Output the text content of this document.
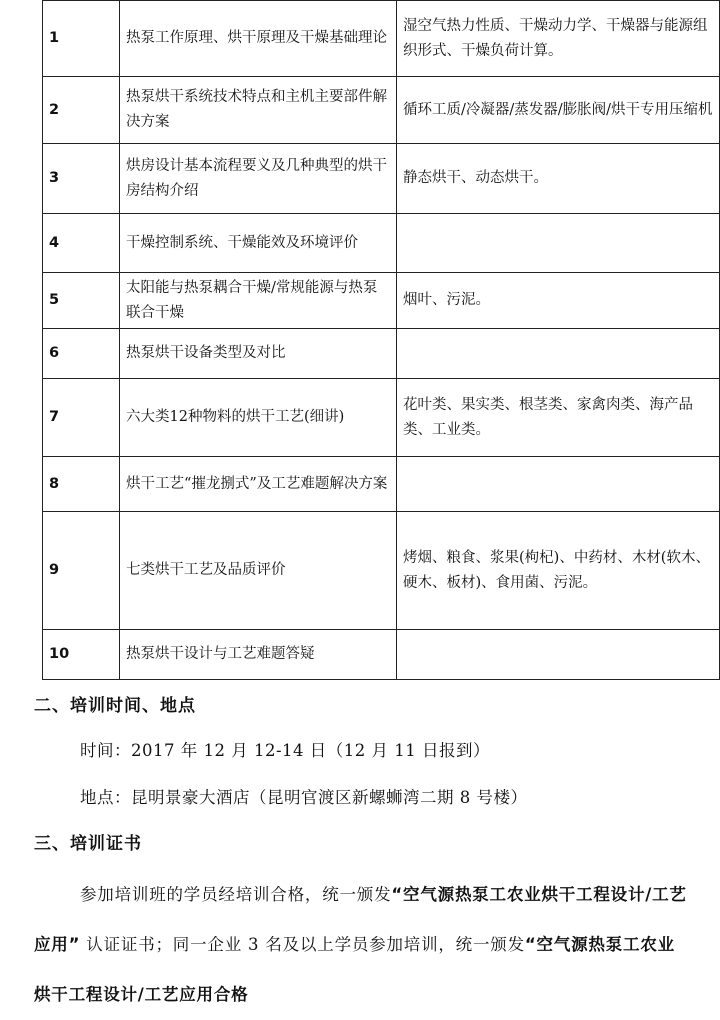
1	热泵工作原理、烘干原理及干燥基础理论	湿空气热力性质、干燥动力学、干燥器与能源组织形式、干燥负荷计算。
2	热泵烘干系统技术特点和主机主要部件解决方案	循环工质/冷凝器/蒸发器/膨胀阀/烘干专用压缩机
3	烘房设计基本流程要义及几种典型的烘干房结构介绍	静态烘干、动态烘干。
4	干燥控制系统、干燥能效及环境评价	
5	太阳能与热泵耦合干燥/常规能源与热泵联合干燥	烟叶、污泥。
6	热泵烘干设备类型及对比	
7	六大类12种物料的烘干工艺(细讲)	花叶类、果实类、根茎类、家禽肉类、海产品类、工业类。
8	烘干工艺“摧龙捌式”及工艺难题解决方案	
9	七类烘干工艺及品质评价	烤烟、粮食、浆果(枸杞)、中药材、木材(软木、硬木、板材)、食用菌、污泥。
10	热泵烘干设计与工艺难题答疑	
二、培训时间、地点
时间：2017 年 12 月 12-14 日（12 月 11 日报到）
地点：昆明景豪大酒店（昆明官渡区新螺蛳湾二期 8 号楼）
三、培训证书
参加培训班的学员经培训合格，统一颁发“空气源热泵工农业烘干工程设计/工艺应用” 认证证书；同一企业 3 名及以上学员参加培训，统一颁发“空气源热泵工农业烘干工程设计/工艺应用合格
